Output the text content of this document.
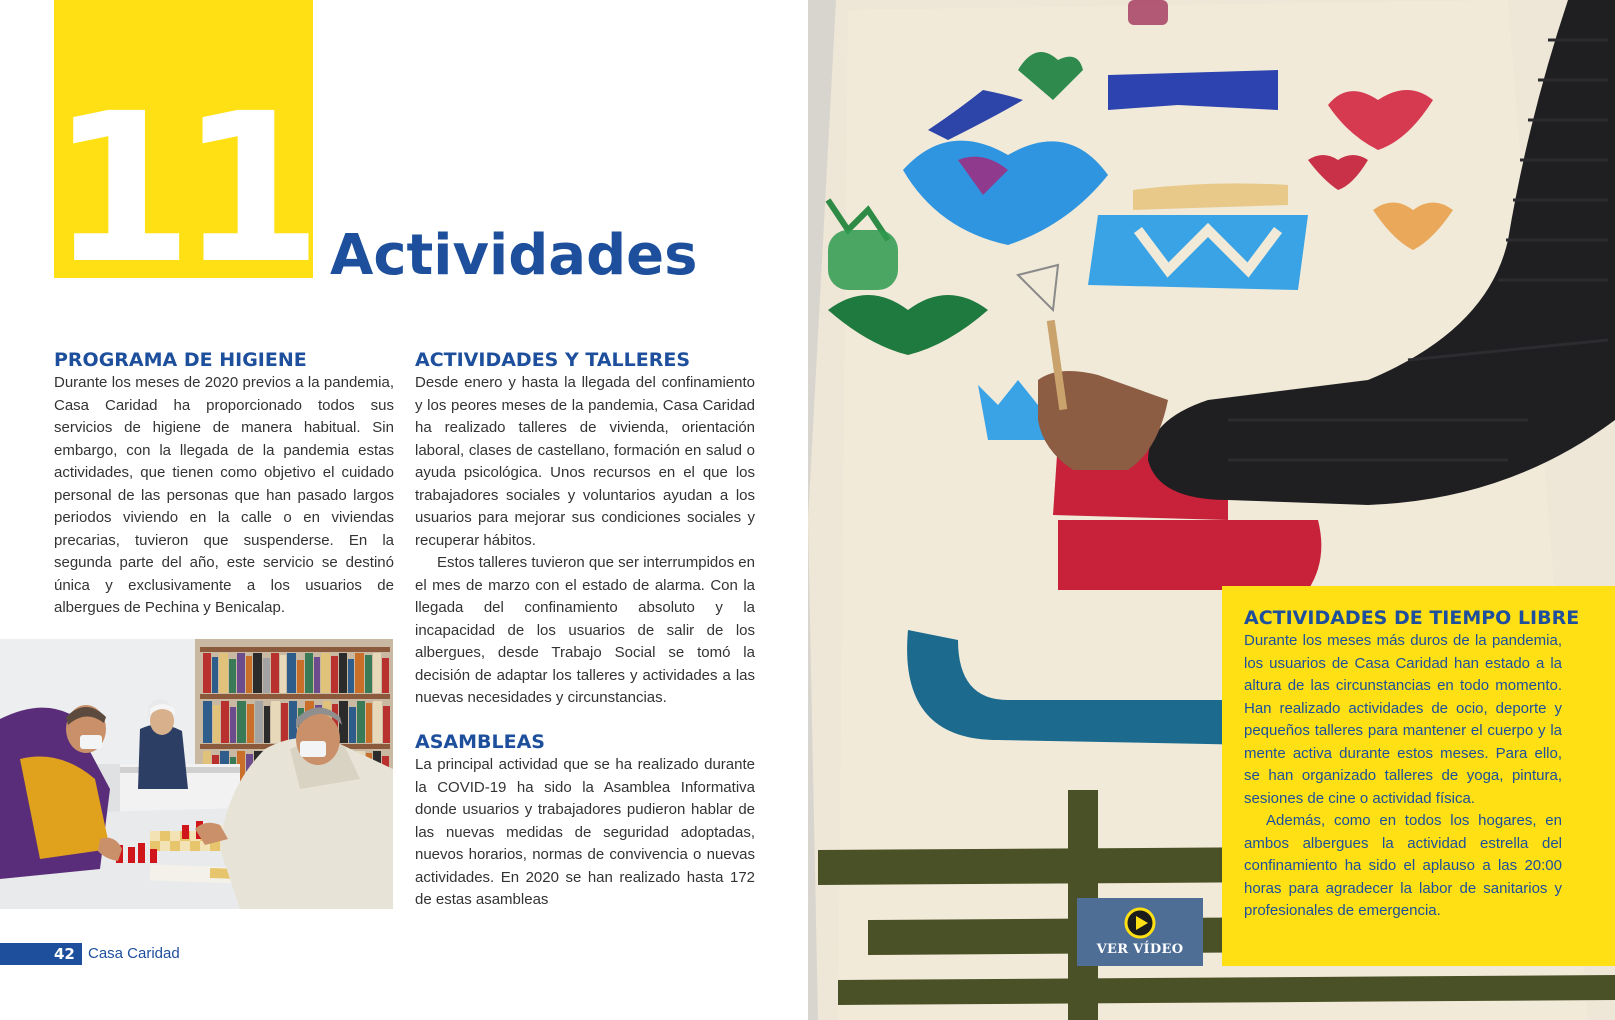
11.
Actividades
PROGRAMA DE HIGIENE

Durante los meses de 2020 previos a la pandemia, Casa Caridad ha proporcionado todos sus servicios de higiene de manera habitual. Sin embargo, con la llegada de la pandemia estas actividades, que tienen como objetivo el cuidado personal de las personas que han pasado largos periodos viviendo en la calle o en viviendas precarias, tuvieron que suspenderse. En la segunda parte del año, este servicio se destinó única y exclusivamente a los usuarios de albergues de Pechina y Benicalap.

ACTIVIDADES Y TALLERES

Desde enero y hasta la llegada del confinamiento y los peores meses de la pandemia, Casa Caridad ha realizado talleres de vivienda, orientación laboral, clases de castellano, formación en salud o ayuda psicológica. Unos recursos en el que los trabajadores sociales y voluntarios ayudan a los usuarios para mejorar sus condiciones sociales y recuperar hábitos.

Estos talleres tuvieron que ser interrumpidos en el mes de marzo con el estado de alarma. Con la llegada del confinamiento absoluto y la incapacidad de los usuarios de salir de los albergues, desde Trabajo Social se tomó la decisión de adaptar los talleres y actividades a las nuevas necesidades y circunstancias.

ASAMBLEAS

La principal actividad que se ha realizado durante la COVID-19 ha sido la Asamblea Informativa donde usuarios y trabajadores pudieron hablar de las nuevas medidas de seguridad adoptadas, nuevos horarios, normas de convivencia o nuevas actividades. En 2020 se han realizado hasta 172 de estas asambleas

42 Casa Caridad
ACTIVIDADES DE TIEMPO LIBRE

Durante los meses más duros de la pandemia, los usuarios de Casa Caridad han estado a la altura de las circunstancias en todo momento. Han realizado actividades de ocio, deporte y pequeños talleres para mantener el cuerpo y la mente activa durante estos meses. Para ello, se han organizado talleres de yoga, pintura, sesiones de cine o actividad física.

Además, como en todos los hogares, en ambos albergues la actividad estrella del confinamiento ha sido el aplauso a las 20:00 horas para agradecer la labor de sanitarios y profesionales de emergencia.

VER VÍDEO
